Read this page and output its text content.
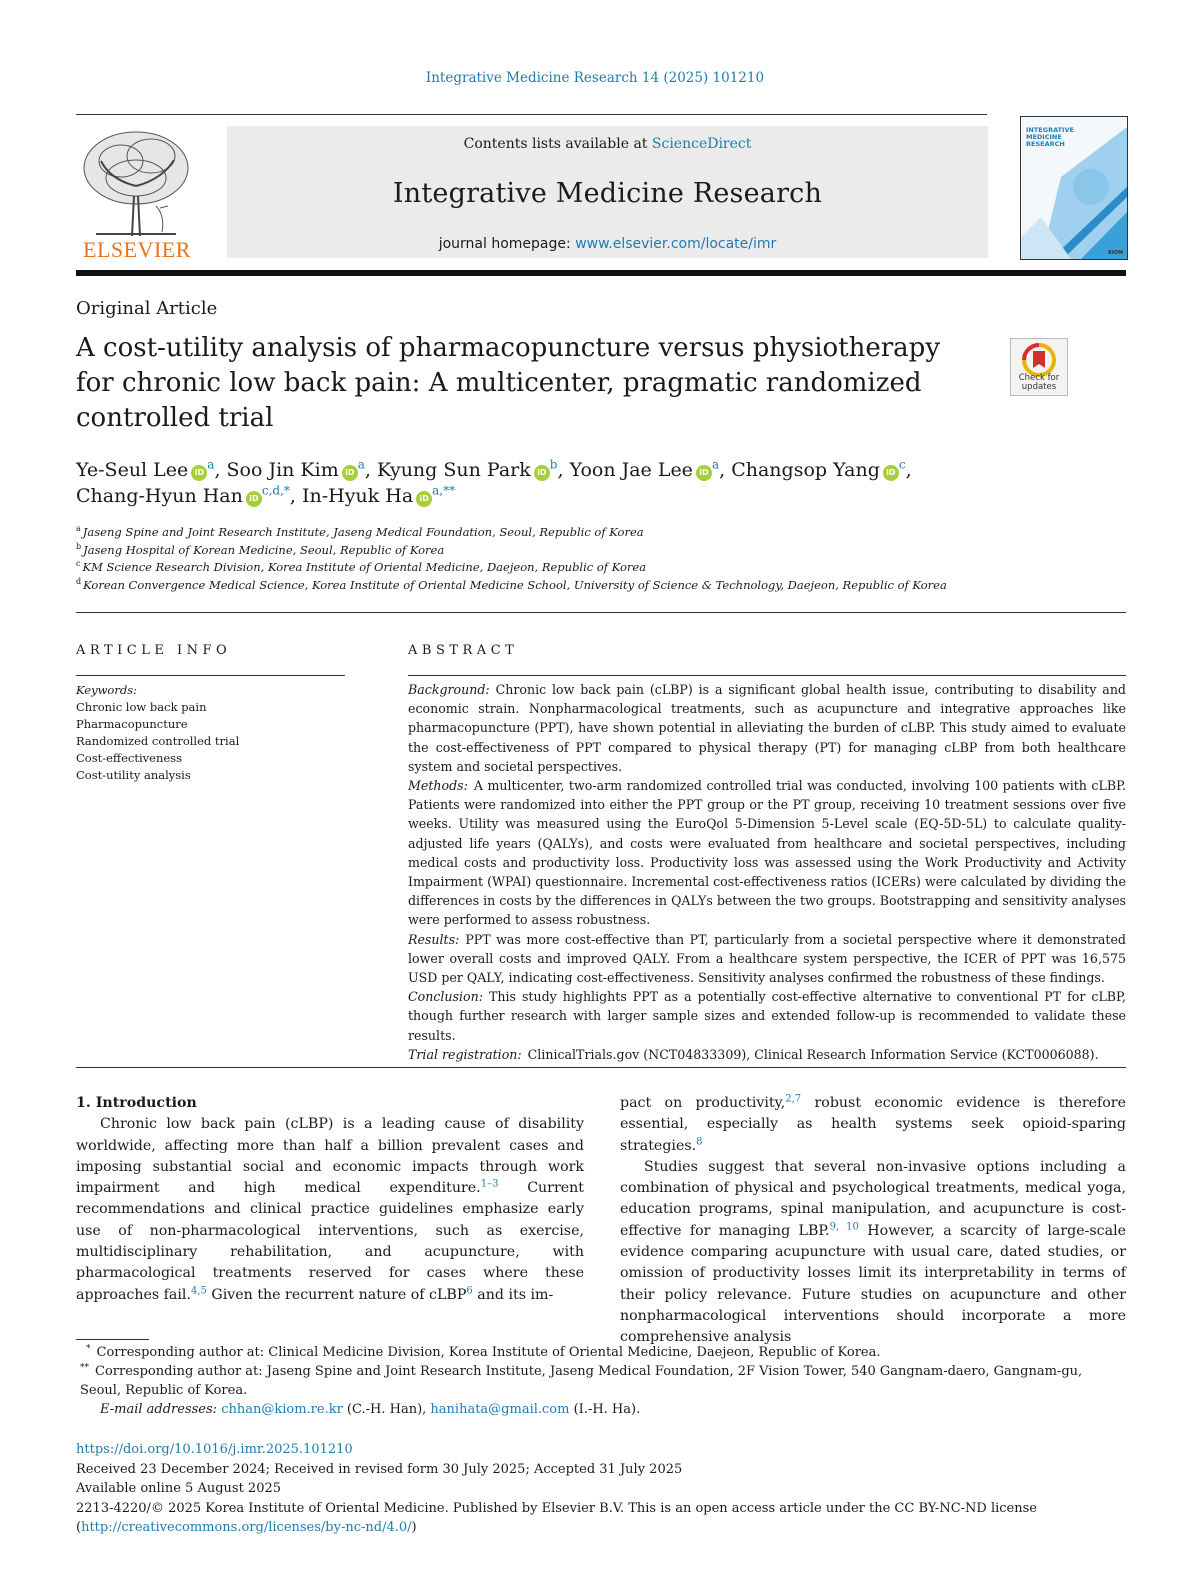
Integrative Medicine Research 14 (2025) 101210
ELSEVIER
Contents lists available at ScienceDirect
Integrative Medicine Research
journal homepage: www.elsevier.com/locate/imr
INTEGRATIVE MEDICINE RESEARCH
KIOM
Original Article
A cost-utility analysis of pharmacopuncture versus physiotherapy for chronic low back pain: A multicenter, pragmatic randomized controlled trial
Check for updates
Ye-Seul Lee iD$^a$, Soo Jin Kim iD$^a$, Kyung Sun Park iD$^b$, Yoon Jae Lee iD$^a$, Changsop Yang iD$^c$,
Chang-Hyun Han iD$^{c,d,*}$, In-Hyuk Ha iD$^{a,**}$
$^a$ Jaseng Spine and Joint Research Institute, Jaseng Medical Foundation, Seoul, Republic of Korea
$^b$ Jaseng Hospital of Korean Medicine, Seoul, Republic of Korea
$^c$ KM Science Research Division, Korea Institute of Oriental Medicine, Daejeon, Republic of Korea
$^d$ Korean Convergence Medical Science, Korea Institute of Oriental Medicine School, University of Science & Technology, Daejeon, Republic of Korea
ARTICLE INFO
Keywords:
Chronic low back pain
Pharmacopuncture
Randomized controlled trial
Cost-effectiveness
Cost-utility analysis
ABSTRACT

Background: Chronic low back pain (cLBP) is a significant global health issue, contributing to disability and economic strain. Nonpharmacological treatments, such as acupuncture and integrative approaches like pharmacopuncture (PPT), have shown potential in alleviating the burden of cLBP. This study aimed to evaluate the cost-effectiveness of PPT compared to physical therapy (PT) for managing cLBP from both healthcare system and societal perspectives.

Methods: A multicenter, two-arm randomized controlled trial was conducted, involving 100 patients with cLBP. Patients were randomized into either the PPT group or the PT group, receiving 10 treatment sessions over five weeks. Utility was measured using the EuroQol 5-Dimension 5-Level scale (EQ-5D-5L) to calculate quality-adjusted life years (QALYs), and costs were evaluated from healthcare and societal perspectives, including medical costs and productivity loss. Productivity loss was assessed using the Work Productivity and Activity Impairment (WPAI) questionnaire. Incremental cost-effectiveness ratios (ICERs) were calculated by dividing the differences in costs by the differences in QALYs between the two groups. Bootstrapping and sensitivity analyses were performed to assess robustness.

Results: PPT was more cost-effective than PT, particularly from a societal perspective where it demonstrated lower overall costs and improved QALY. From a healthcare system perspective, the ICER of PPT was 16,575 USD per QALY, indicating cost-effectiveness. Sensitivity analyses confirmed the robustness of these findings.

Conclusion: This study highlights PPT as a potentially cost-effective alternative to conventional PT for cLBP, though further research with larger sample sizes and extended follow-up is recommended to validate these results.

Trial registration: ClinicalTrials.gov (NCT04833309), Clinical Research Information Service (KCT0006088).

1. Introduction

Chronic low back pain (cLBP) is a leading cause of disability worldwide, affecting more than half a billion prevalent cases and imposing substantial social and economic impacts through work impairment and high medical expenditure.$^{1-3}$ Current recommendations and clinical practice guidelines emphasize early use of non-pharmacological interventions, such as exercise, multidisciplinary rehabilitation, and acupuncture, with pharmacological treatments reserved for cases where these approaches fail.$^{4,5}$ Given the recurrent nature of cLBP$^6$ and its im-

pact on productivity,$^{2,7}$ robust economic evidence is therefore essential, especially as health systems seek opioid-sparing strategies.$^8$

Studies suggest that several non-invasive options including a combination of physical and psychological treatments, medical yoga, education programs, spinal manipulation, and acupuncture is cost-effective for managing LBP.$^{9, 10}$ However, a scarcity of large-scale evidence comparing acupuncture with usual care, dated studies, or omission of productivity losses limit its interpretability in terms of their policy relevance. Future studies on acupuncture and other nonpharmacological interventions should incorporate a more comprehensive analysis

* Corresponding author at: Clinical Medicine Division, Korea Institute of Oriental Medicine, Daejeon, Republic of Korea.

** Corresponding author at: Jaseng Spine and Joint Research Institute, Jaseng Medical Foundation, 2F Vision Tower, 540 Gangnam-daero, Gangnam-gu, Seoul, Republic of Korea.

E-mail addresses: chhan@kiom.re.kr (C.-H. Han), hanihata@gmail.com (I.-H. Ha).

https://doi.org/10.1016/j.imr.2025.101210

Received 23 December 2024; Received in revised form 30 July 2025; Accepted 31 July 2025

Available online 5 August 2025

2213-4220/© 2025 Korea Institute of Oriental Medicine. Published by Elsevier B.V. This is an open access article under the CC BY-NC-ND license

(http://creativecommons.org/licenses/by-nc-nd/4.0/)
